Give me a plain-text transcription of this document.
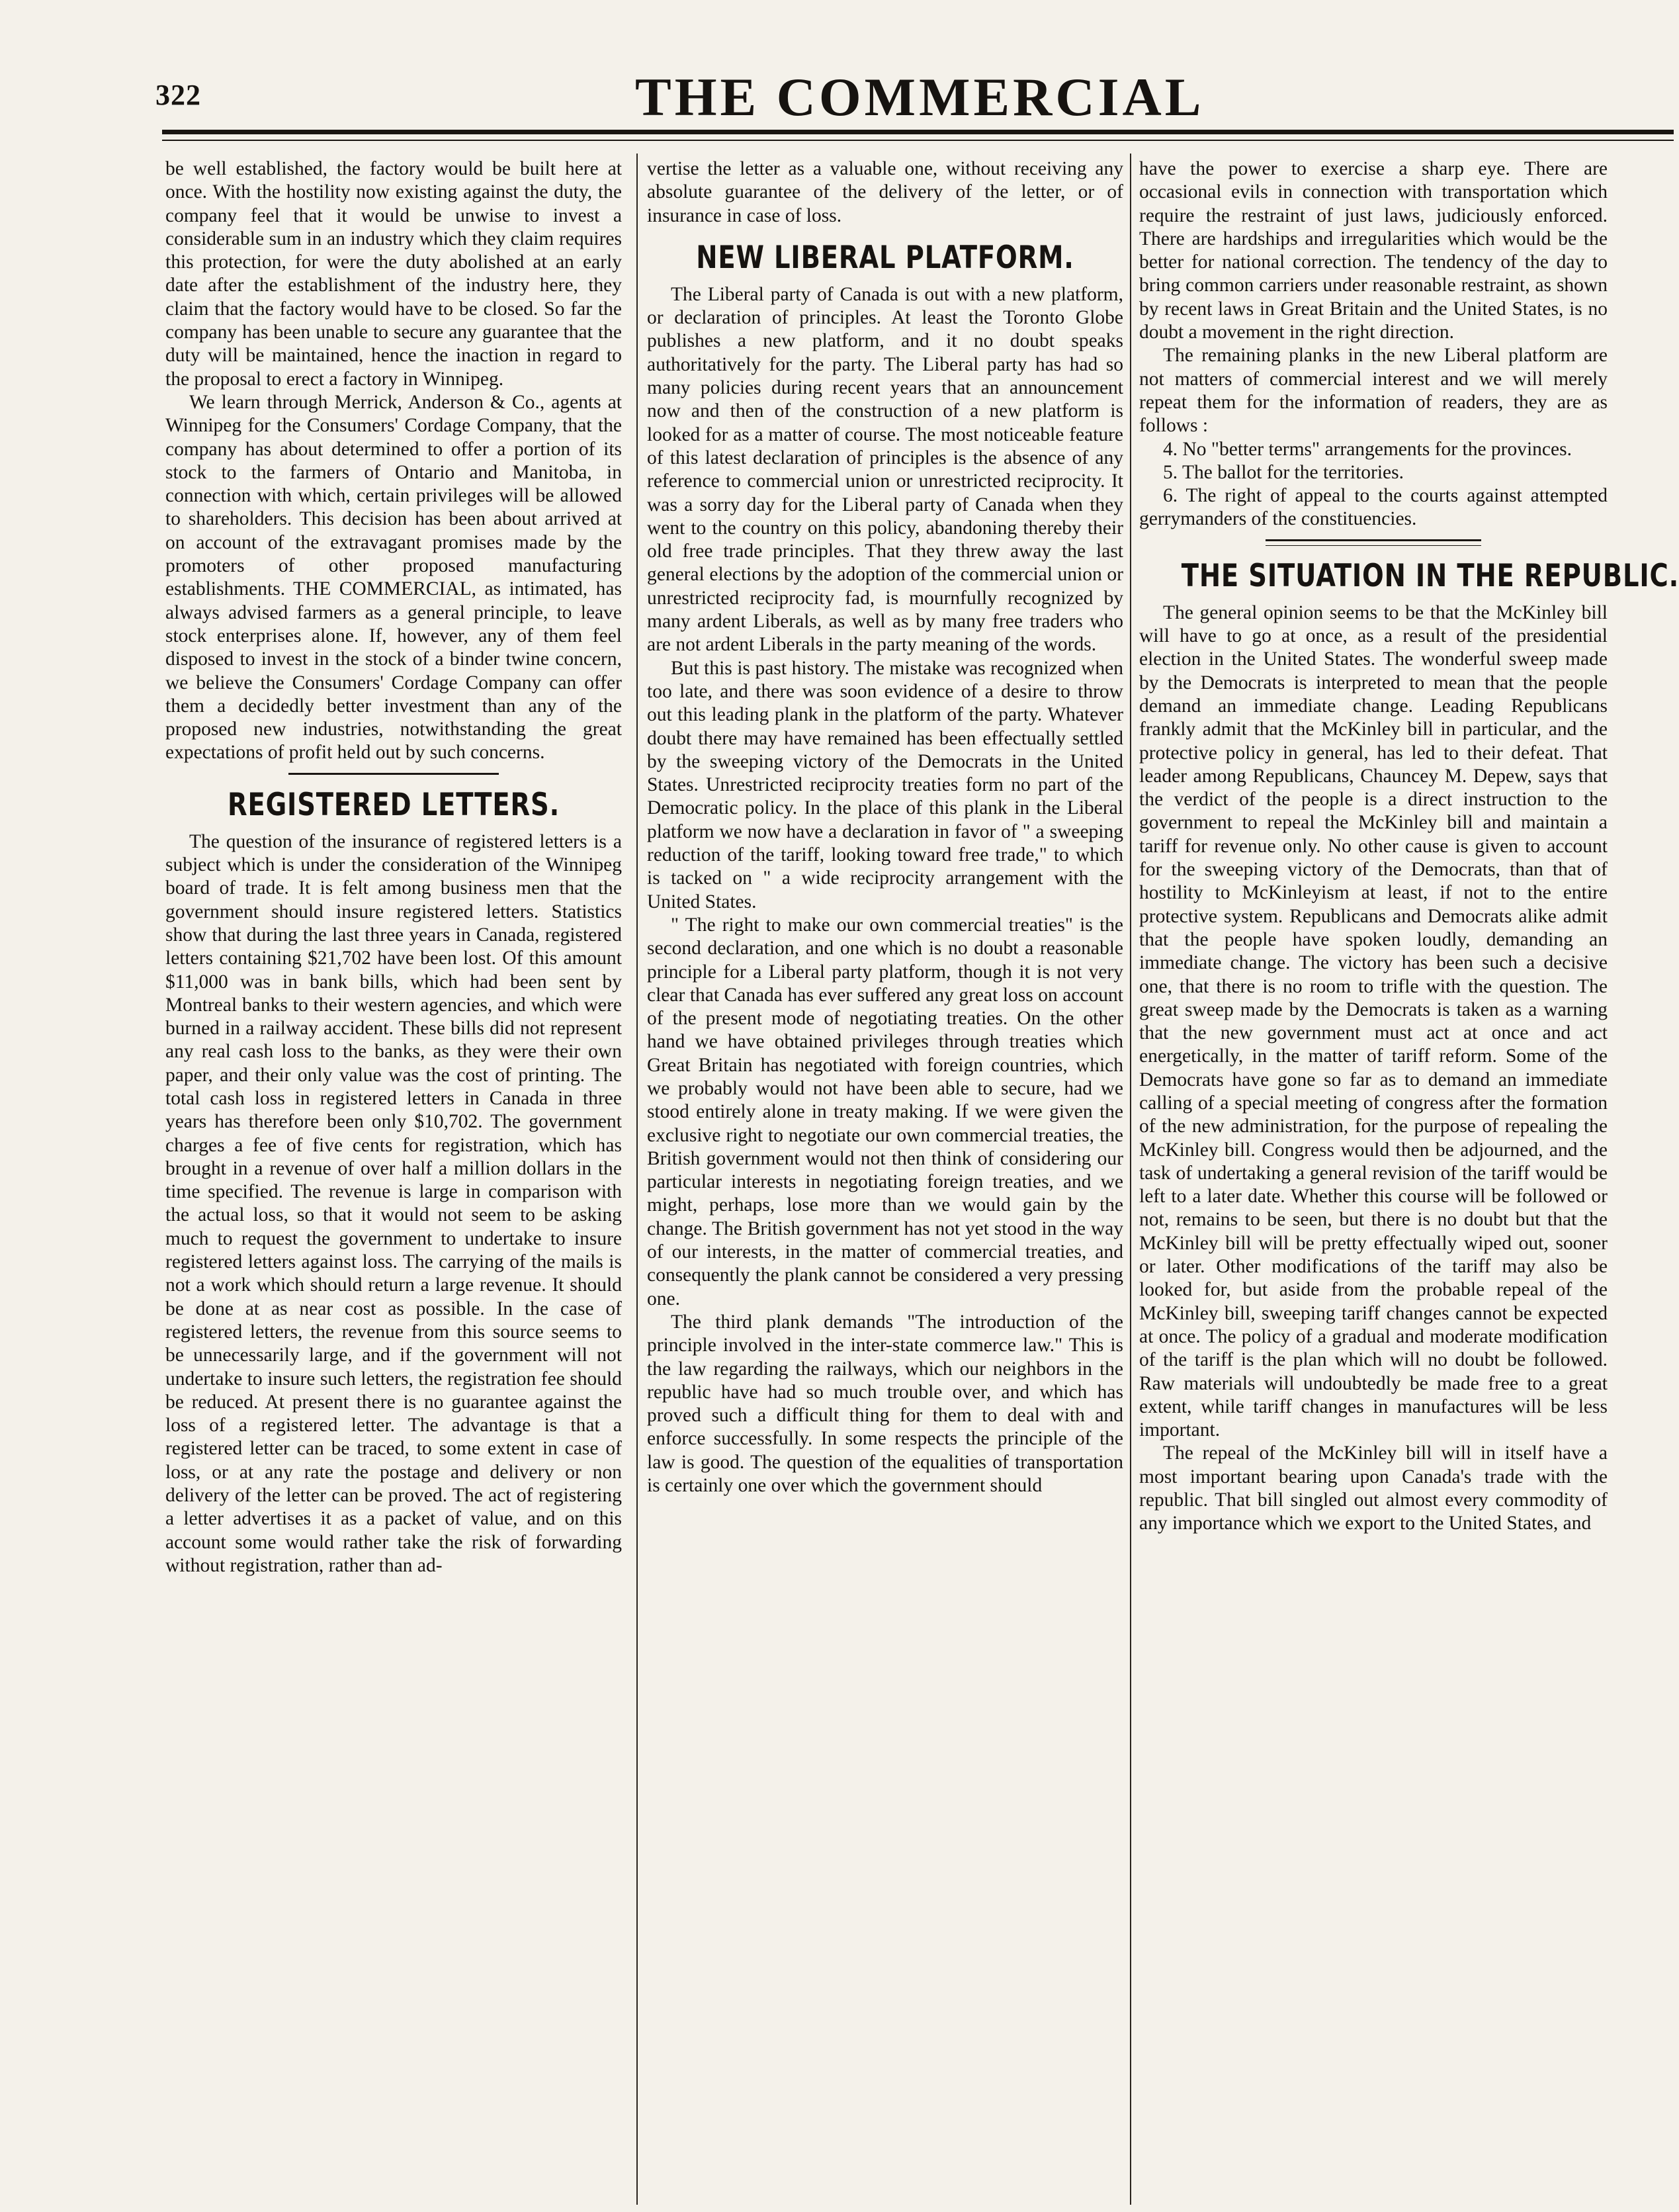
322	THE COMMERCIAL

be well established, the factory would be built here at once. With the hostility now existing against the duty, the company feel that it would be unwise to invest a considerable sum in an industry which they claim requires this protection, for were the duty abolished at an early date after the establishment of the industry here, they claim that the factory would have to be closed. So far the company has been unable to secure any guarantee that the duty will be maintained, hence the inaction in regard to the proposal to erect a factory in Winnipeg.

We learn through Merrick, Anderson & Co., agents at Winnipeg for the Consumers' Cordage Company, that the company has about determined to offer a portion of its stock to the farmers of Ontario and Manitoba, in connection with which, certain privileges will be allowed to shareholders. This decision has been about arrived at on account of the extravagant promises made by the promoters of other proposed manufacturing establishments. THE COMMERCIAL, as intimated, has always advised farmers as a general principle, to leave stock enterprises alone. If, however, any of them feel disposed to invest in the stock of a binder twine concern, we believe the Consumers' Cordage Company can offer them a decidedly better investment than any of the proposed new industries, notwithstanding the great expectations of profit held out by such concerns.

REGISTERED LETTERS.

The question of the insurance of registered letters is a subject which is under the consideration of the Winnipeg board of trade. It is felt among business men that the government should insure registered letters. Statistics show that during the last three years in Canada, registered letters containing $21,702 have been lost. Of this amount $11,000 was in bank bills, which had been sent by Montreal banks to their western agencies, and which were burned in a railway accident. These bills did not represent any real cash loss to the banks, as they were their own paper, and their only value was the cost of printing. The total cash loss in registered letters in Canada in three years has therefore been only $10,702. The government charges a fee of five cents for registration, which has brought in a revenue of over half a million dollars in the time specified. The revenue is large in comparison with the actual loss, so that it would not seem to be asking much to request the government to undertake to insure registered letters against loss. The carrying of the mails is not a work which should return a large revenue. It should be done at as near cost as possible. In the case of registered letters, the revenue from this source seems to be unnecessarily large, and if the government will not undertake to insure such letters, the registration fee should be reduced. At present there is no guarantee against the loss of a registered letter. The advantage is that a registered letter can be traced, to some extent in case of loss, or at any rate the postage and delivery or non delivery of the letter can be proved. The act of registering a letter advertises it as a packet of value, and on this account some would rather take the risk of forwarding without registration, rather than ad-

vertise the letter as a valuable one, without receiving any absolute guarantee of the delivery of the letter, or of insurance in case of loss.

NEW LIBERAL PLATFORM.

The Liberal party of Canada is out with a new platform, or declaration of principles. At least the Toronto Globe publishes a new platform, and it no doubt speaks authoritatively for the party. The Liberal party has had so many policies during recent years that an announcement now and then of the construction of a new platform is looked for as a matter of course. The most noticeable feature of this latest declaration of principles is the absence of any reference to commercial union or unrestricted reciprocity. It was a sorry day for the Liberal party of Canada when they went to the country on this policy, abandoning thereby their old free trade principles. That they threw away the last general elections by the adoption of the commercial union or unrestricted reciprocity fad, is mournfully recognized by many ardent Liberals, as well as by many free traders who are not ardent Liberals in the party meaning of the words.

But this is past history. The mistake was recognized when too late, and there was soon evidence of a desire to throw out this leading plank in the platform of the party. Whatever doubt there may have remained has been effectually settled by the sweeping victory of the Democrats in the United States. Unrestricted reciprocity treaties form no part of the Democratic policy. In the place of this plank in the Liberal platform we now have a declaration in favor of " a sweeping reduction of the tariff, looking toward free trade," to which is tacked on " a wide reciprocity arrangement with the United States.

" The right to make our own commercial treaties" is the second declaration, and one which is no doubt a reasonable principle for a Liberal party platform, though it is not very clear that Canada has ever suffered any great loss on account of the present mode of negotiating treaties. On the other hand we have obtained privileges through treaties which Great Britain has negotiated with foreign countries, which we probably would not have been able to secure, had we stood entirely alone in treaty making. If we were given the exclusive right to negotiate our own commercial treaties, the British government would not then think of considering our particular interests in negotiating foreign treaties, and we might, perhaps, lose more than we would gain by the change. The British government has not yet stood in the way of our interests, in the matter of commercial treaties, and consequently the plank cannot be considered a very pressing one.

The third plank demands "The introduction of the principle involved in the inter-state commerce law." This is the law regarding the railways, which our neighbors in the republic have had so much trouble over, and which has proved such a difficult thing for them to deal with and enforce successfully. In some respects the principle of the law is good. The question of the equalities of transportation is certainly one over which the government should

have the power to exercise a sharp eye. There are occasional evils in connection with transportation which require the restraint of just laws, judiciously enforced. There are hardships and irregularities which would be the better for national correction. The tendency of the day to bring common carriers under reasonable restraint, as shown by recent laws in Great Britain and the United States, is no doubt a movement in the right direction.

The remaining planks in the new Liberal platform are not matters of commercial interest and we will merely repeat them for the information of readers, they are as follows :

4. No "better terms" arrangements for the provinces.

5. The ballot for the territories.

6. The right of appeal to the courts against attempted gerrymanders of the constituencies.

THE SITUATION IN THE REPUBLIC.

The general opinion seems to be that the McKinley bill will have to go at once, as a result of the presidential election in the United States. The wonderful sweep made by the Democrats is interpreted to mean that the people demand an immediate change. Leading Republicans frankly admit that the McKinley bill in particular, and the protective policy in general, has led to their defeat. That leader among Republicans, Chauncey M. Depew, says that the verdict of the people is a direct instruction to the government to repeal the McKinley bill and maintain a tariff for revenue only. No other cause is given to account for the sweeping victory of the Democrats, than that of hostility to McKinleyism at least, if not to the entire protective system. Republicans and Democrats alike admit that the people have spoken loudly, demanding an immediate change. The victory has been such a decisive one, that there is no room to trifle with the question. The great sweep made by the Democrats is taken as a warning that the new government must act at once and act energetically, in the matter of tariff reform. Some of the Democrats have gone so far as to demand an immediate calling of a special meeting of congress after the formation of the new administration, for the purpose of repealing the McKinley bill. Congress would then be adjourned, and the task of undertaking a general revision of the tariff would be left to a later date. Whether this course will be followed or not, remains to be seen, but there is no doubt but that the McKinley bill will be pretty effectually wiped out, sooner or later. Other modifications of the tariff may also be looked for, but aside from the probable repeal of the McKinley bill, sweeping tariff changes cannot be expected at once. The policy of a gradual and moderate modification of the tariff is the plan which will no doubt be followed. Raw materials will undoubtedly be made free to a great extent, while tariff changes in manufactures will be less important.

The repeal of the McKinley bill will in itself have a most important bearing upon Canada's trade with the republic. That bill singled out almost every commodity of any importance which we export to the United States, and
